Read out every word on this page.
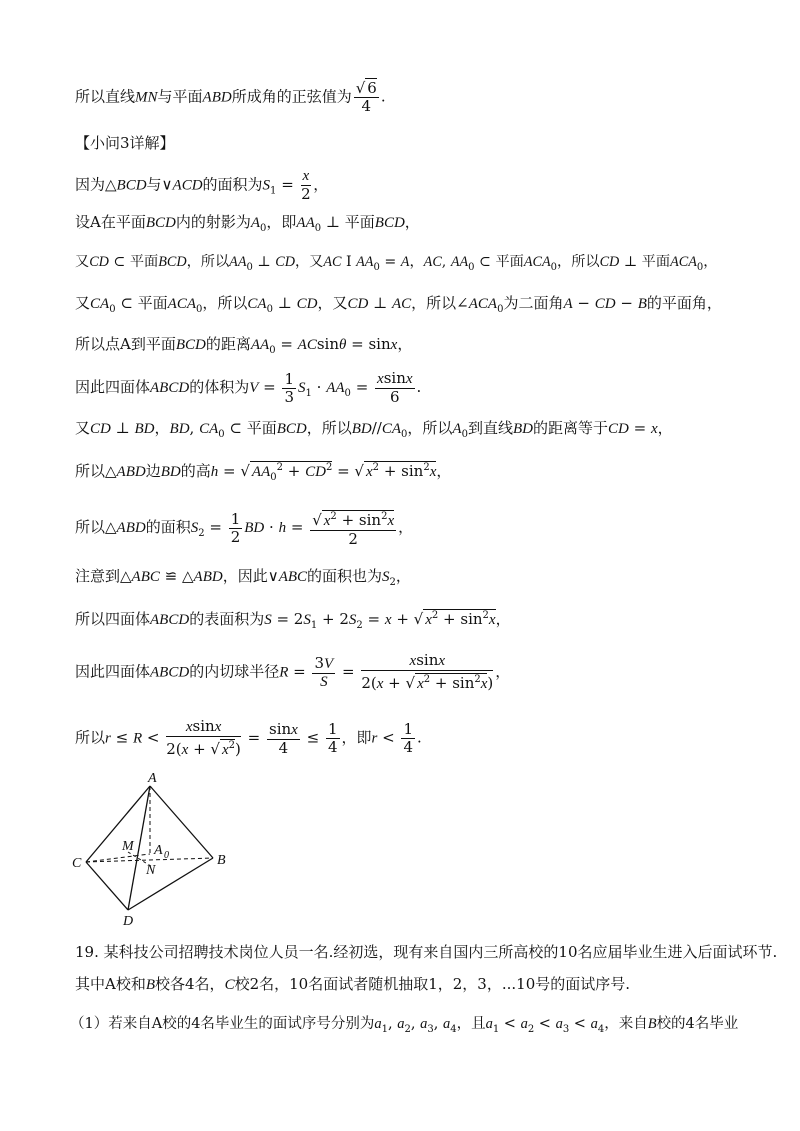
所以直线MN与平面ABD所成角的正弦值为 $\frac{√ 6}{4}$ .
【小问3详解】
因为△BCD与∨ACD的面积为$S_1 = \frac{x}{2}$ ，
设A在平面BCD内的射影为$A_0$，即$AA_0$ ⊥ 平面BCD，
又CD ⊂ 平面BCD，所以$AA_0$ ⊥ CD，又AC I $AA_0 = A$，AC, $AA_0$ ⊂ 平面$ACA_0$，所以CD ⊥ 平面$ACA_0$，
又$CA_0$ ⊂ 平面$ACA_0$，所以$CA_0$ ⊥ CD，又CD ⊥ AC，所以$\angle ACA_0$为二面角A − CD − B的平面角，
所以点A到平面BCD的距离$AA_0 = ACsin\theta = \sin x$，
因此四面体ABCD的体积为$V = \frac{1}{3} S_1 \cdot AA_0 = \frac{xsinx}{6}$ .
又CD ⊥ BD，BD, $CA_0$ ⊂ 平面BCD，所以$BD//CA_0$，所以$A_0$到直线BD的距离等于CD = x，
所以△ABD边BD的高h = √ $AA_0^2 + CD^2$ = √ $x^2 + \sin^2x$，
所以△ABD的面积$S_2 = \frac{1}{2}$ BD · $h = \frac{√ x^2 + \sin^2x}{2}$ ，
注意到△ABC ≌ △ABD，因此∨ABC的面积也为$S_2$，
所以四面体ABCD的表面积为$S = 2S_1 + 2S_2 = x$ + √ $x^2 + \sin^2x$，
因此四面体ABCD的内切球半径$R = \frac{3V}{S} = \frac{xsinx}{2(x + √ x^2 + \sin^2x)}$ ，
所以$r \le R < \frac{xsinx}{2(x + √ x^2)} = \frac{\sin x}{4} \le \frac{1}{4}$ ，即$r < \frac{1}{4}$ .
A
B
C
D
M
N
A 0
19. 某科技公司招聘技术岗位人员一名.经初选，现有来自国内三所高校的10名应届毕业生进入后面试环节.
其中A校和B校各4名，C校2名，10名面试者随机抽取1，2，3，...10号的面试序号.
（1）若来自A校的4名毕业生的面试序号分别为$a_1$, $a_2$, $a_3$, $a_4$，且$a_1 < a_2 < a_3 < a_4$，来自B校的4名毕业
